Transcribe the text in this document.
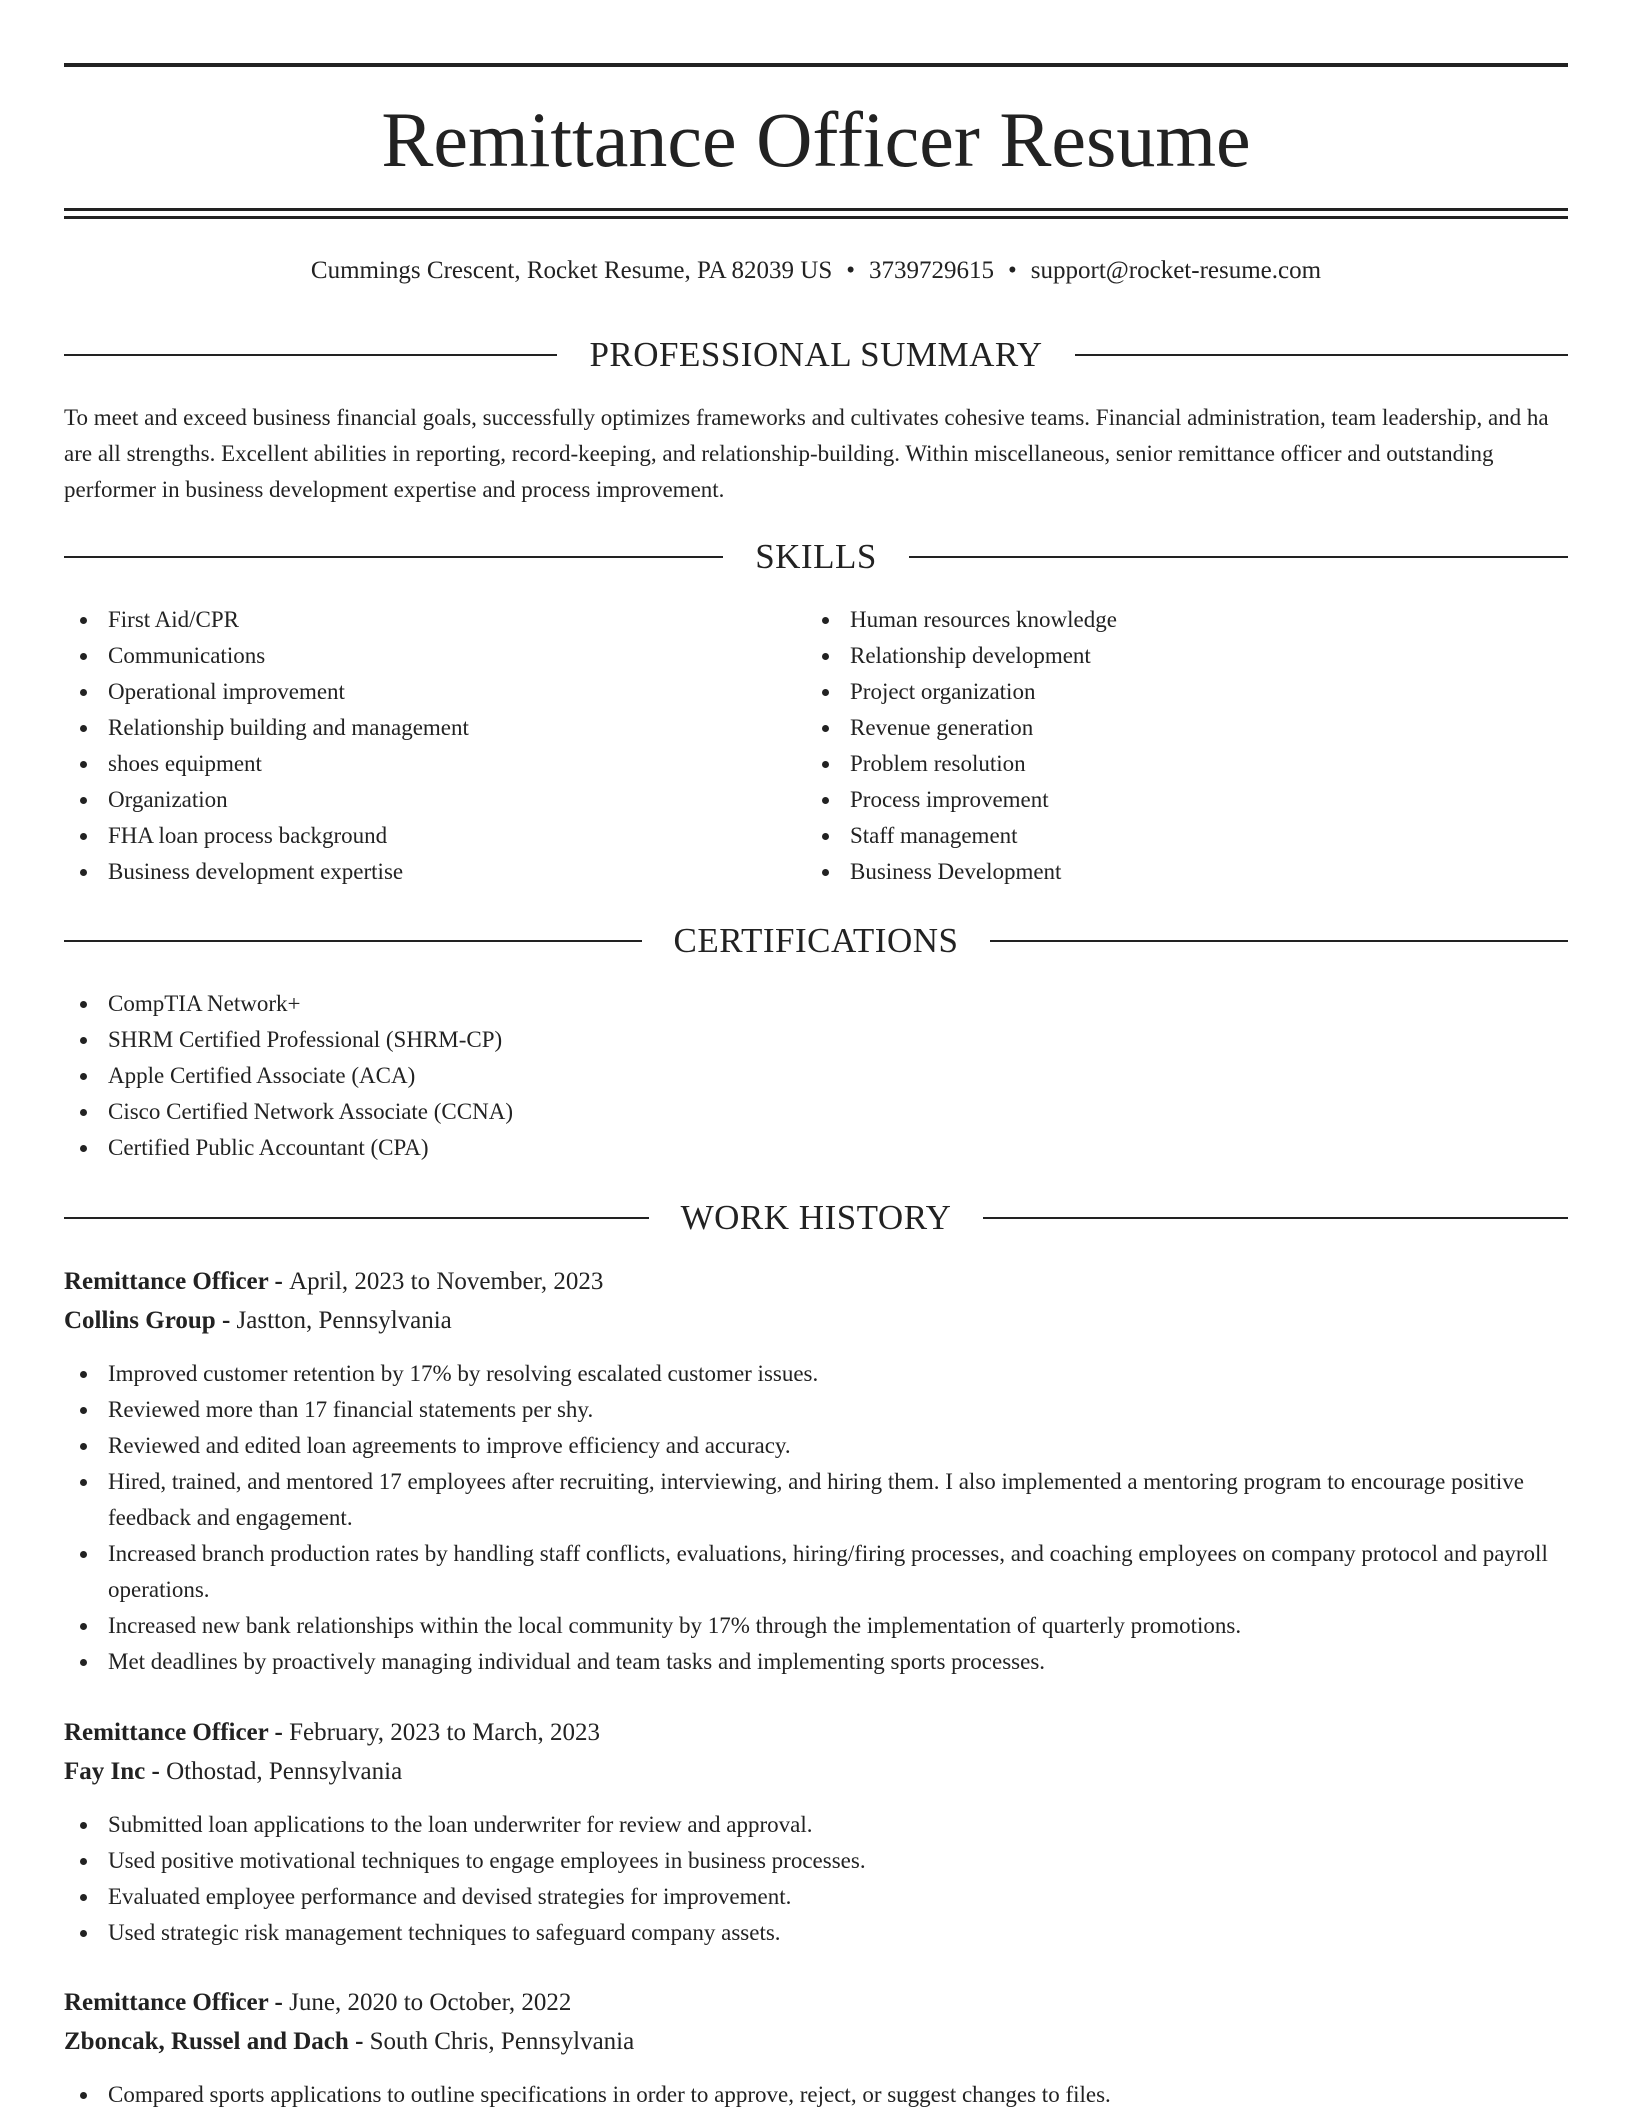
Remittance Officer Resume
Cummings Crescent, Rocket Resume, PA 82039 US • 3739729615 • support@rocket-resume.com
PROFESSIONAL SUMMARY

To meet and exceed business financial goals, successfully optimizes frameworks and cultivates cohesive teams. Financial administration, team leadership, and ha are all strengths. Excellent abilities in reporting, record-keeping, and relationship-building. Within miscellaneous, senior remittance officer and outstanding performer in business development expertise and process improvement.

SKILLS
First Aid/CPR
Communications
Operational improvement
Relationship building and management
shoes equipment
Organization
FHA loan process background
Business development expertise
Human resources knowledge
Relationship development
Project organization
Revenue generation
Problem resolution
Process improvement
Staff management
Business Development
CERTIFICATIONS
CompTIA Network+
SHRM Certified Professional (SHRM-CP)
Apple Certified Associate (ACA)
Cisco Certified Network Associate (CCNA)
Certified Public Accountant (CPA)
WORK HISTORY
Remittance Officer - April, 2023 to November, 2023
Collins Group - Jastton, Pennsylvania
Improved customer retention by 17% by resolving escalated customer issues.
Reviewed more than 17 financial statements per shy.
Reviewed and edited loan agreements to improve efficiency and accuracy.
Hired, trained, and mentored 17 employees after recruiting, interviewing, and hiring them. I also implemented a mentoring program to encourage positive feedback and engagement.
Increased branch production rates by handling staff conflicts, evaluations, hiring/firing processes, and coaching employees on company protocol and payroll operations.
Increased new bank relationships within the local community by 17% through the implementation of quarterly promotions.
Met deadlines by proactively managing individual and team tasks and implementing sports processes.
Remittance Officer - February, 2023 to March, 2023
Fay Inc - Othostad, Pennsylvania
Submitted loan applications to the loan underwriter for review and approval.
Used positive motivational techniques to engage employees in business processes.
Evaluated employee performance and devised strategies for improvement.
Used strategic risk management techniques to safeguard company assets.
Remittance Officer - June, 2020 to October, 2022
Zboncak, Russel and Dach - South Chris, Pennsylvania
Compared sports applications to outline specifications in order to approve, reject, or suggest changes to files.
